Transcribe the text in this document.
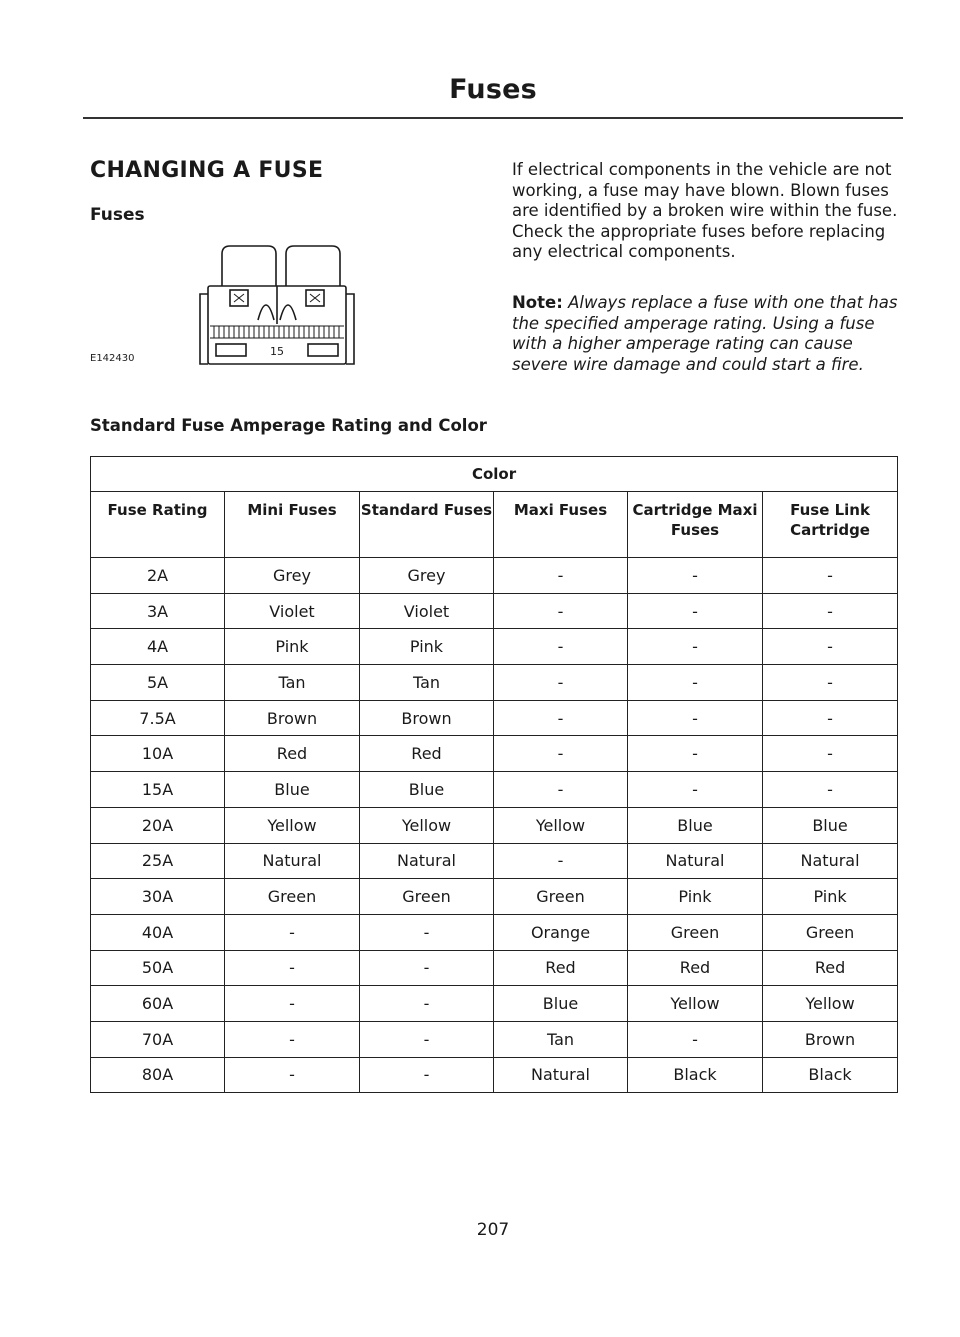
Fuses
CHANGING A FUSE
Fuses
15
E142430

If electrical components in the vehicle are not working, a fuse may have blown. Blown fuses are identified by a broken wire within the fuse. Check the appropriate fuses before replacing any electrical components.

Note: Always replace a fuse with one that has the specified amperage rating. Using a fuse with a higher amperage rating can cause severe wire damage and could start a fire.

Standard Fuse Amperage Rating and Color
Color					
Fuse Rating	Mini Fuses	Standard Fuses	Maxi Fuses	Cartridge Maxi Fuses	Fuse Link Cartridge
2A	Grey	Grey	-	-	-
3A	Violet	Violet	-	-	-
4A	Pink	Pink	-	-	-
5A	Tan	Tan	-	-	-
7.5A	Brown	Brown	-	-	-
10A	Red	Red	-	-	-
15A	Blue	Blue	-	-	-
20A	Yellow	Yellow	Yellow	Blue	Blue
25A	Natural	Natural	-	Natural	Natural
30A	Green	Green	Green	Pink	Pink
40A	-	-	Orange	Green	Green
50A	-	-	Red	Red	Red
60A	-	-	Blue	Yellow	Yellow
70A	-	-	Tan	-	Brown
80A	-	-	Natural	Black	Black
207
